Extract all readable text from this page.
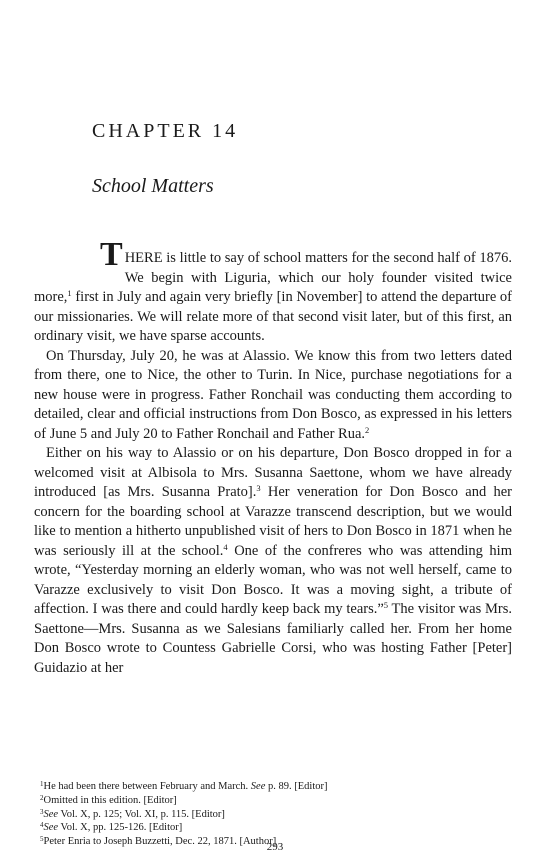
CHAPTER 14
School Matters

THERE is little to say of school matters for the second half of 1876. We begin with Liguria, which our holy founder visited twice more,$^1$ first in July and again very briefly [in November] to attend the departure of our missionaries. We will relate more of that second visit later, but of this first, an ordinary visit, we have sparse accounts.

On Thursday, July 20, he was at Alassio. We know this from two letters dated from there, one to Nice, the other to Turin. In Nice, purchase negotiations for a new house were in progress. Father Ronchail was conducting them according to detailed, clear and official instructions from Don Bosco, as expressed in his letters of June 5 and July 20 to Father Ronchail and Father Rua.$^2$

Either on his way to Alassio or on his departure, Don Bosco dropped in for a welcomed visit at Albisola to Mrs. Susanna Saettone, whom we have already introduced [as Mrs. Susanna Prato].$^3$ Her veneration for Don Bosco and her concern for the boarding school at Varazze transcend description, but we would like to mention a hitherto unpublished visit of hers to Don Bosco in 1871 when he was seriously ill at the school.$^4$ One of the confreres who was attending him wrote, “Yesterday morning an elderly woman, who was not well herself, came to Varazze exclusively to visit Don Bosco. It was a moving sight, a tribute of affection. I was there and could hardly keep back my tears.”$^5$ The visitor was Mrs. Saettone—Mrs. Susanna as we Salesians familiarly called her. From her home Don Bosco wrote to Countess Gabrielle Corsi, who was hosting Father [Peter] Guidazio at her

$^1$He had been there between February and March. See p. 89. [Editor]
$^2$Omitted in this edition. [Editor]
$^3$See Vol. X, p. 125; Vol. XI, p. 115. [Editor]
$^4$See Vol. X, pp. 125-126. [Editor]
$^5$Peter Enria to Joseph Buzzetti, Dec. 22, 1871. [Author]
293
